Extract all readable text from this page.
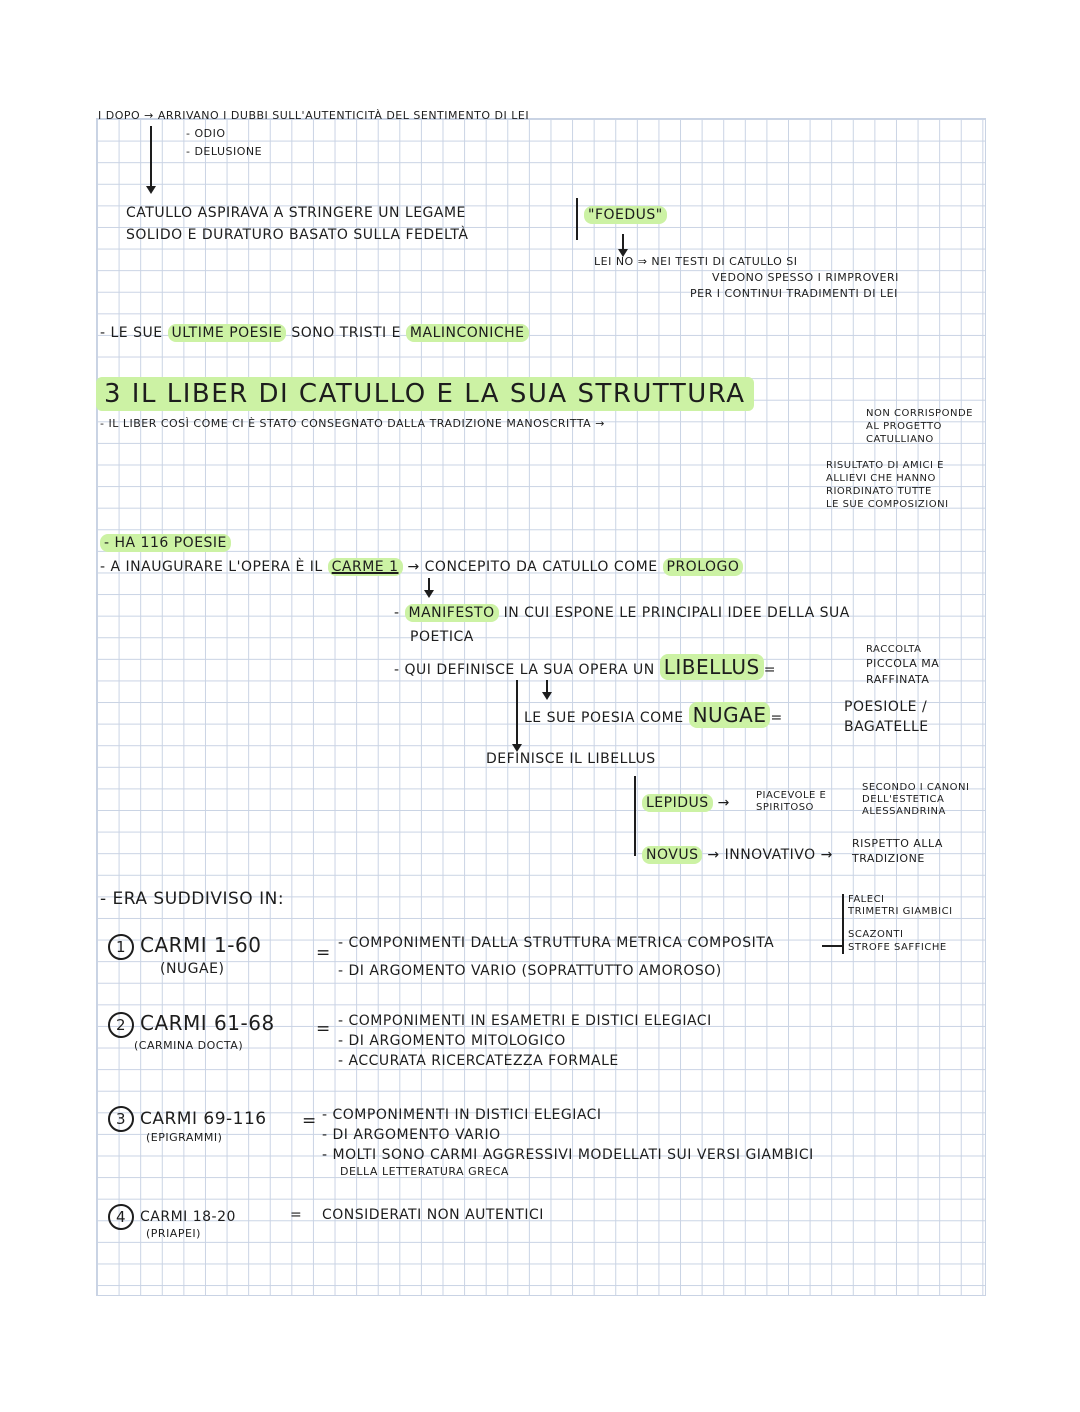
I DOPO → ARRIVANO I DUBBI SULL'AUTENTICITÀ DEL SENTIMENTO DI LEI
- ODIO
- DELUSIONE
CATULLO ASPIRAVA A STRINGERE UN LEGAME
SOLIDO E DURATURO BASATO SULLA FEDELTÀ
"FOEDUS"
LEI NO ⇒ NEI TESTI DI CATULLO SI
VEDONO SPESSO I RIMPROVERI
PER I CONTINUI TRADIMENTI DI LEI
- LE SUE ULTIME POESIE SONO TRISTI E MALINCONICHE
3 IL LIBER DI CATULLO E LA SUA STRUTTURA
- IL LIBER COSÌ COME CI È STATO CONSEGNATO DALLA TRADIZIONE MANOSCRITTA →
NON CORRISPONDE
AL PROGETTO
CATULLIANO
RISULTATO DI AMICI E
ALLIEVI CHE HANNO
RIORDINATO TUTTE
LE SUE COMPOSIZIONI
- HA 116 POESIE
- A INAUGURARE L'OPERA È IL CARME 1 → CONCEPITO DA CATULLO COME PROLOGO
- MANIFESTO IN CUI ESPONE LE PRINCIPALI IDEE DELLA SUA
POETICA
- QUI DEFINISCE LA SUA OPERA UN LIBELLUS =
RACCOLTA
PICCOLA MA
RAFFINATA
LE SUE POESIA COME NUGAE =
POESIOLE /
BAGATELLE
DEFINISCE IL LIBELLUS
LEPIDUS →	PIACEVOLE E
SPIRITOSO
SECONDO I CANONI
DELL'ESTETICA
ALESSANDRINA
NOVUS → INNOVATIVO →
RISPETTO ALLA
TRADIZIONE
- ERA SUDDIVISO IN:	FALECI
TRIMETRI GIAMBICI
SCAZONTI
STROFE SAFFICHE
1 CARMI 1-60
(NUGAE)
= - COMPONIMENTI DALLA STRUTTURA METRICA COMPOSITA
- DI ARGOMENTO VARIO (SOPRATTUTTO AMOROSO)
2 CARMI 61-68
(CARMINA DOCTA)
= - COMPONIMENTI IN ESAMETRI E DISTICI ELEGIACI
- DI ARGOMENTO MITOLOGICO
- ACCURATA RICERCATEZZA FORMALE
3 CARMI 69-116
(EPIGRAMMI)
= - COMPONIMENTI IN DISTICI ELEGIACI
- DI ARGOMENTO VARIO
- MOLTI SONO CARMI AGGRESSIVI MODELLATI SUI VERSI GIAMBICI
DELLA LETTERATURA GRECA
4 CARMI 18-20
(PRIAPEI)
= CONSIDERATI NON AUTENTICI
